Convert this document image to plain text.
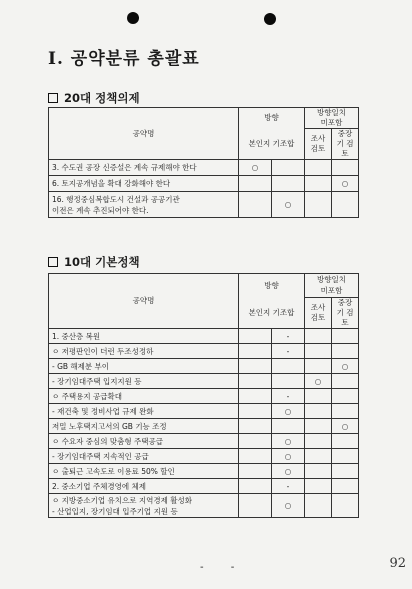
Ⅰ. 공약분류 총괄표
20대 정책의제
공약명	방향		방향일치	
			미포함	
	본인지 기조합		조사 검토	중장기 검토
3. 수도권 공장 신증설은 계속 규제해야 한다	○			
6. 토지공개념을 확대 강화해야 한다				○

16. 행정중심복합도시 건설과 공공기관
이전은 계속 추진되어야 한다.		○		
10대 기본정책
공약명	방향		방향일치	
			미포함	
	본인지 기조합		조사 검토	중장기 검토
1. 중산층 복원		-		
ㅇ 저평판인이 더런 두조성정하		-		
- GB 해제분 부이				○
- 장기임대주택 입지지원 등			○	
ㅇ 주택용지 공급확대		-		
- 재건축 및 정비사업 규제 완화		○		
저밀 노후택지고서의 GB 기능 조정				○
ㅇ 수요자 중심의 맞춤형 주택공급		○		
- 장기임대주택 지속적인 공급		○		
ㅇ 출퇴근 고속도로 이용료 50% 할인		○		
2. 중소기업 주체경영에 체제		-		

ㅇ 지방중소기업 유치으로 지역경제 활성화
- 산업입지, 장기임대 입주기업 지원 등		○		
- -	92
